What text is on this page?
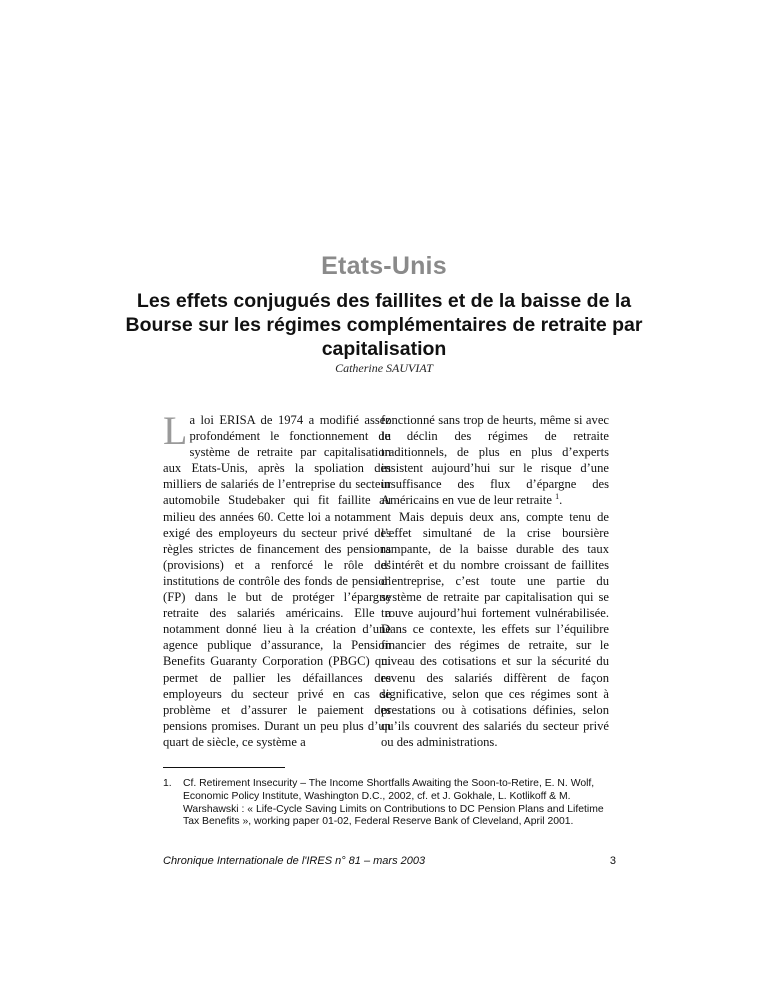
Etats-Unis
Les effets conjugués des faillites et de la baisse de la Bourse sur les régimes complémentaires de retraite par capitalisation
Catherine SAUVIAT

La loi ERISA de 1974 a modifié assez profondément le fonctionnement du système de retraite par capitalisation aux Etats-Unis, après la spoliation des milliers de salariés de l’entreprise du secteur automobile Studebaker qui fit faillite au milieu des années 60. Cette loi a notamment exigé des employeurs du secteur privé des règles strictes de financement des pensions (provisions) et a renforcé le rôle des institutions de contrôle des fonds de pension (FP) dans le but de protéger l’épargne retraite des salariés américains. Elle a notamment donné lieu à la création d’une agence publique d’assurance, la Pension Benefits Guaranty Corporation (PBGC) qui permet de pallier les défaillances des employeurs du secteur privé en cas de problème et d’assurer le paiement des pensions promises. Durant un peu plus d’un quart de siècle, ce système a

fonctionné sans trop de heurts, même si avec le déclin des régimes de retraite traditionnels, de plus en plus d’experts insistent aujourd’hui sur le risque d’une insuffisance des flux d’épargne des Américains en vue de leur retraite $^1$.

Mais depuis deux ans, compte tenu de l’effet simultané de la crise boursière rampante, de la baisse durable des taux d’intérêt et du nombre croissant de faillites d’entreprise, c’est toute une partie du système de retraite par capitalisation qui se trouve aujourd’hui fortement vulnérabilisée. Dans ce contexte, les effets sur l’équilibre financier des régimes de retraite, sur le niveau des cotisations et sur la sécurité du revenu des salariés diffèrent de façon significative, selon que ces régimes sont à prestations ou à cotisations définies, selon qu’ils couvrent des salariés du secteur privé ou des administrations.

1. Cf. Retirement Insecurity – The Income Shortfalls Awaiting the Soon-to-Retire, E. N. Wolf, Economic Policy Institute, Washington D.C., 2002, cf. et J. Gokhale, L. Kotlikoff & M. Warshawski : « Life-Cycle Saving Limits on Contributions to DC Pension Plans and Lifetime Tax Benefits », working paper 01-02, Federal Reserve Bank of Cleveland, April 2001.
Chronique Internationale de l'IRES n° 81 – mars 2003	3
